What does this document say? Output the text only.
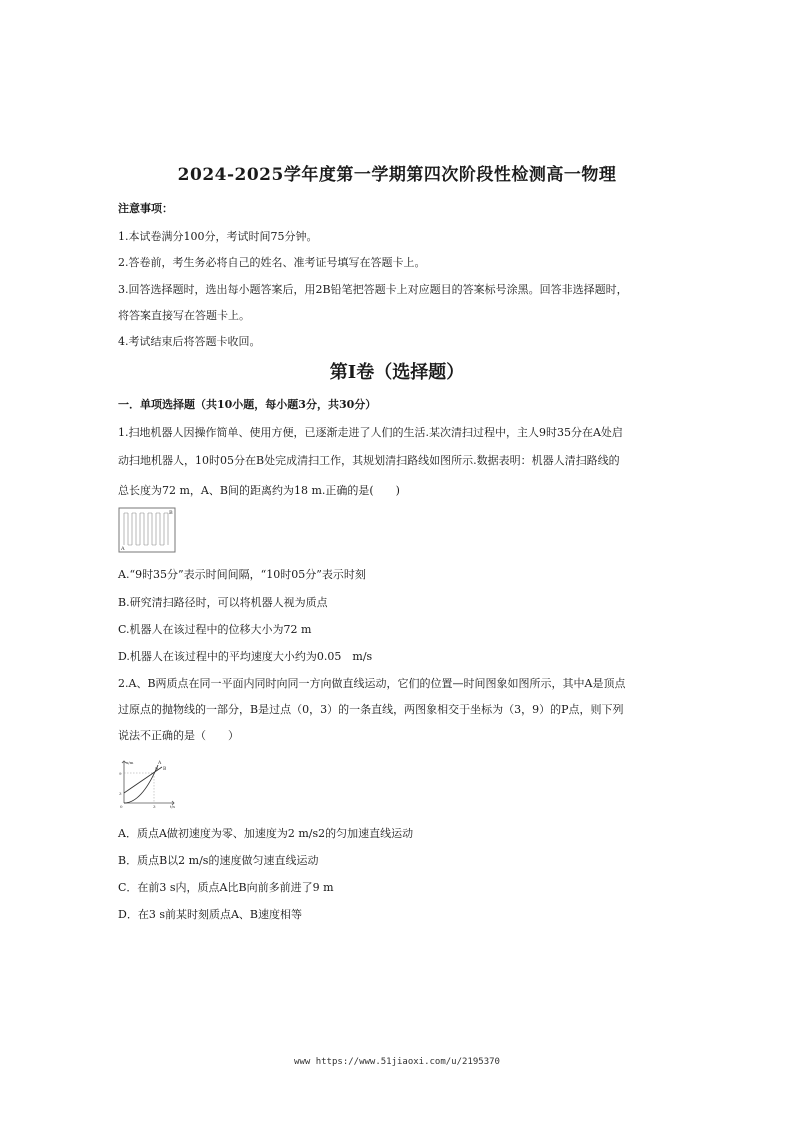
2024-2025学年度第一学期第四次阶段性检测高一物理
注意事项：
1.本试卷满分100分，考试时间75分钟。
2.答卷前，考生务必将自己的姓名、准考证号填写在答题卡上。
3.回答选择题时，选出每小题答案后，用2B铅笔把答题卡上对应题目的答案标号涂黑。回答非选择题时，
将答案直接写在答题卡上。
4.考试结束后将答题卡收回。
第Ⅰ卷（选择题）
一．单项选择题（共10小题，每小题3分，共30分）
1.扫地机器人因操作简单、使用方便，已逐渐走进了人们的生活.某次清扫过程中，主人9时35分在A处启
动扫地机器人，10时05分在B处完成清扫工作，其规划清扫路线如图所示.数据表明：机器人清扫路线的
总长度为72 m，A、B间的距离约为18 m.正确的是(　　)
A
B
A.“9时35分”表示时间间隔，“10时05分”表示时刻
B.研究清扫路径时，可以将机器人视为质点
C.机器人在该过程中的位移大小为72 m
D.机器人在该过程中的平均速度大小约为0.05　m/s
2.A、B两质点在同一平面内同时向同一方向做直线运动，它们的位置—时间图象如图所示，其中A是顶点
过原点的抛物线的一部分，B是过点（0，3）的一条直线，两图象相交于坐标为（3，9）的P点，则下列
说法不正确的是（　　）
x/m
t/s
9
3
3
0
P
A
B
A．质点A做初速度为零、加速度为2 m/s2的匀加速直线运动
B．质点B以2 m/s的速度做匀速直线运动
C．在前3 s内，质点A比B向前多前进了9 m
D．在3 s前某时刻质点A、B速度相等
www https://www.51jiaoxi.com/u/2195370
